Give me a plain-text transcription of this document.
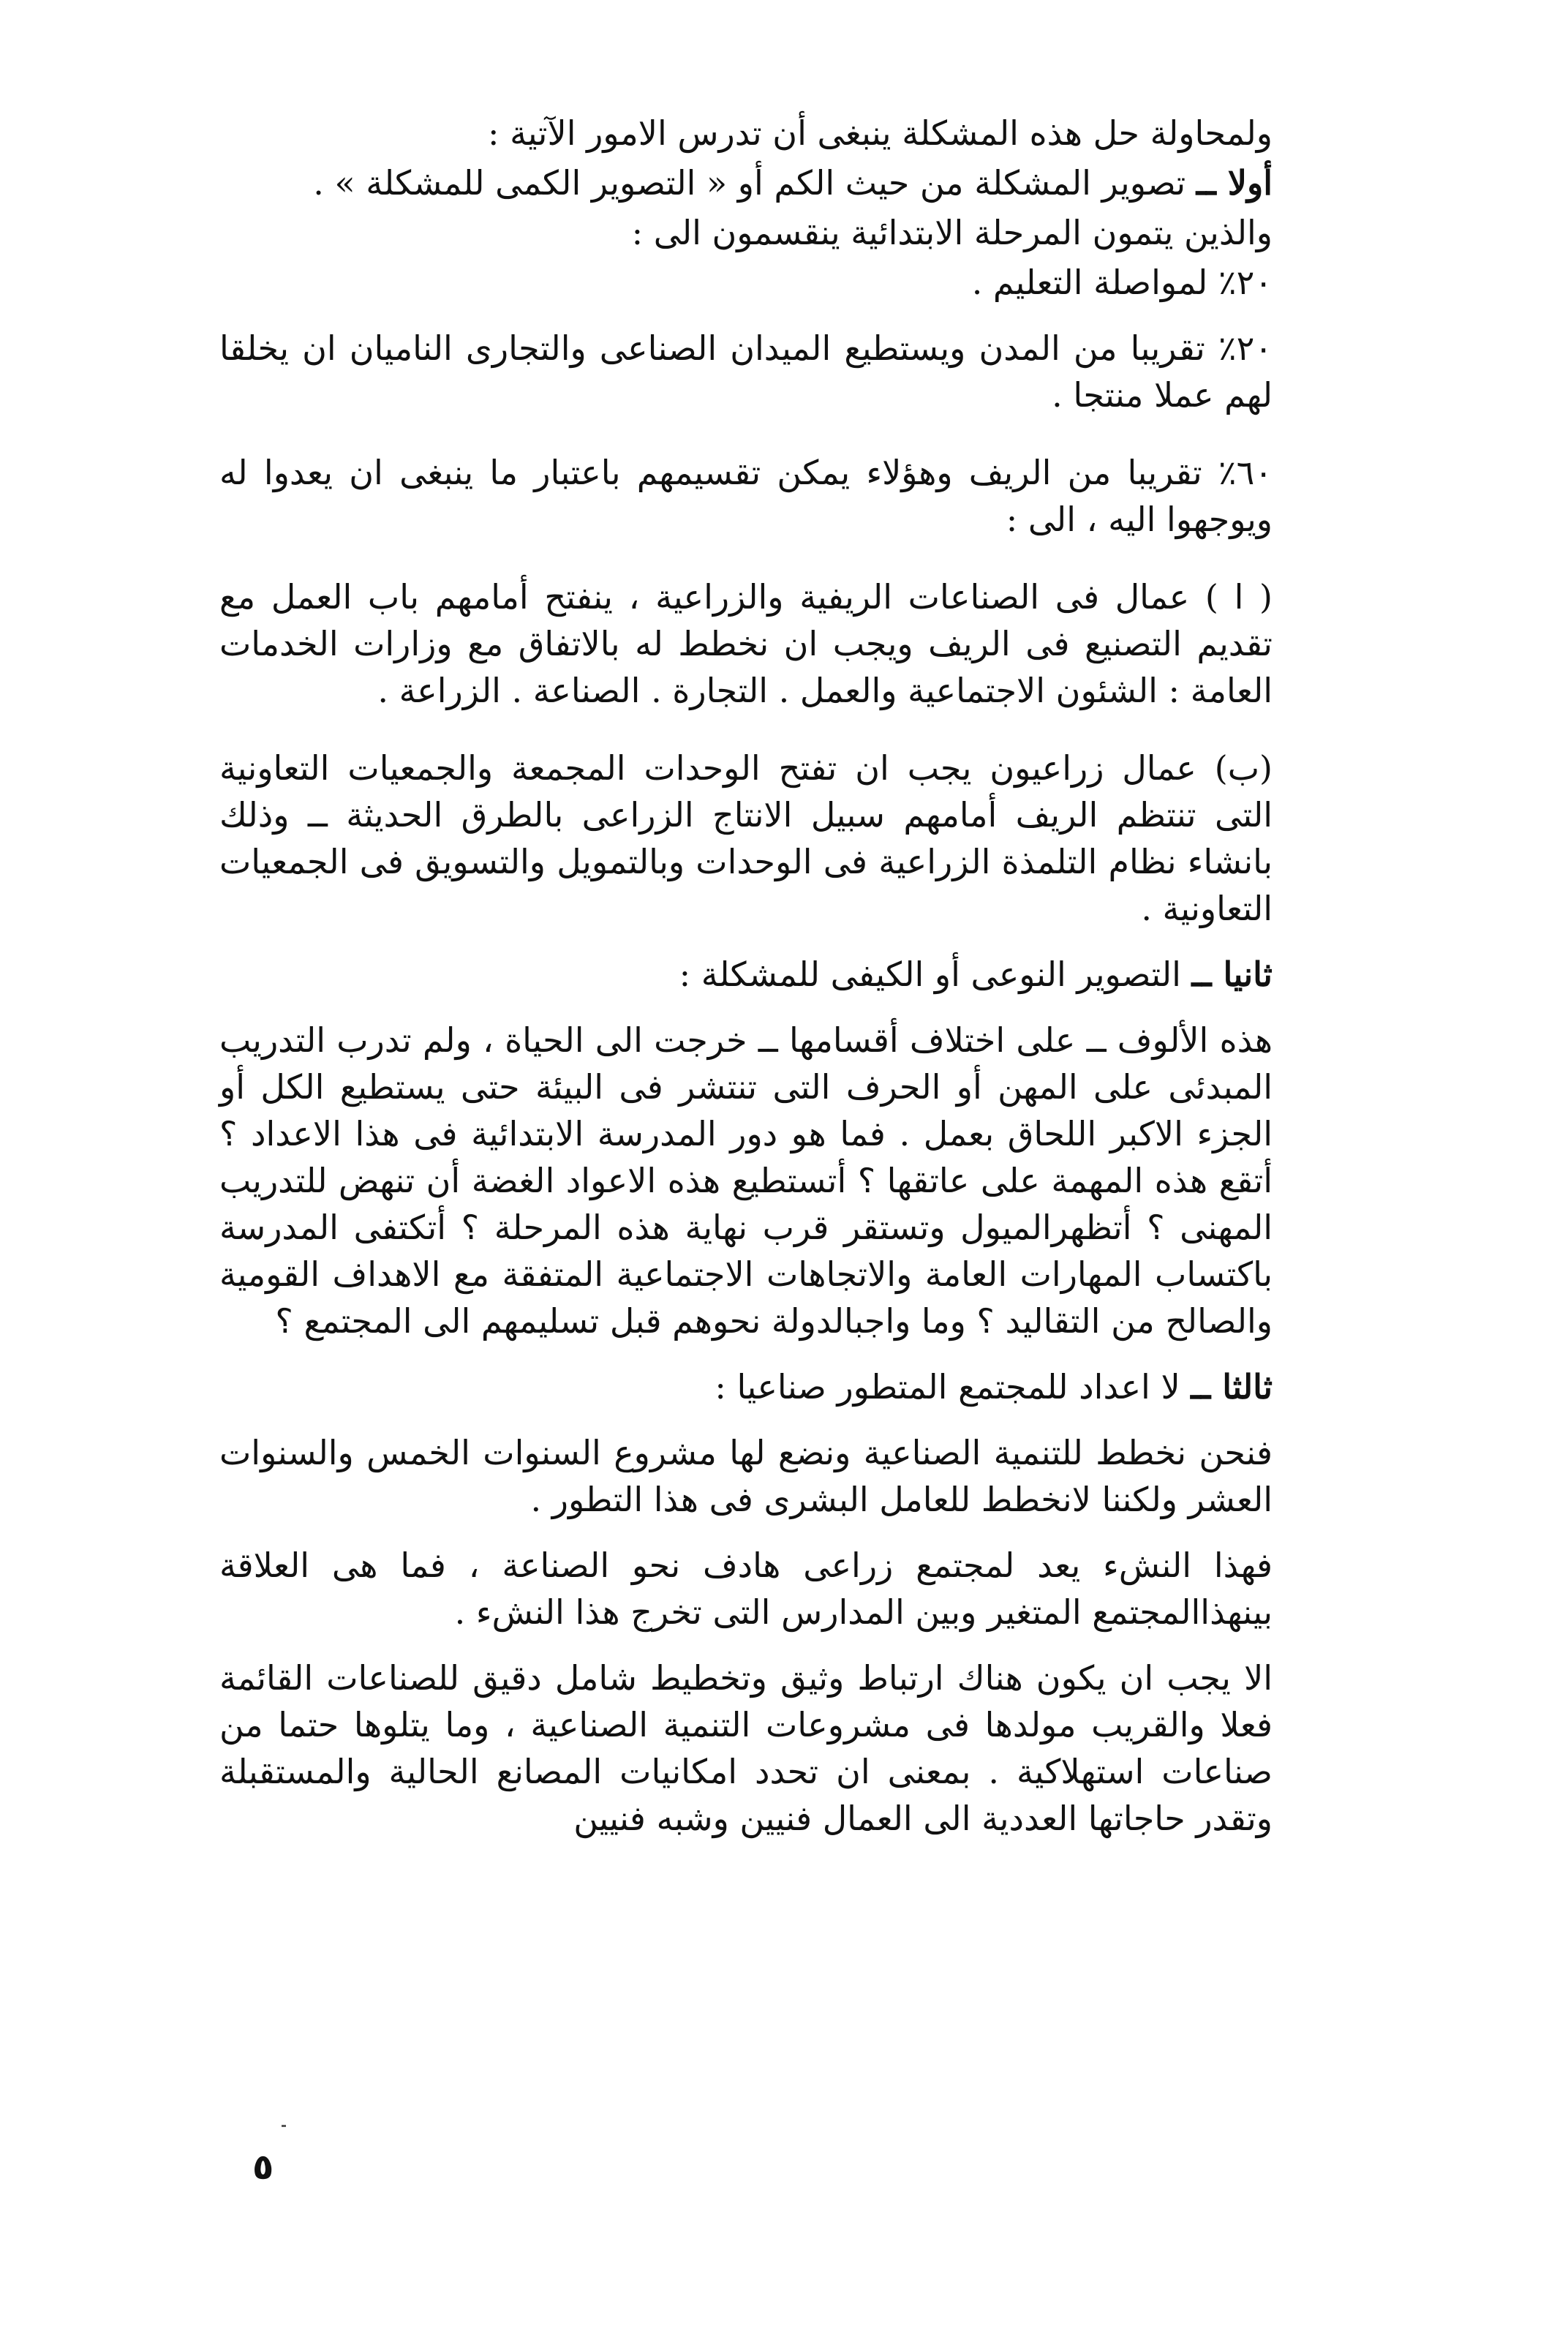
ولمحاولة حل هذه المشكلة ينبغى أن تدرس الامور الآتية :

أولا ــ تصوير المشكلة من حيث الكم أو « التصوير الكمى للمشكلة » .

والذين يتمون المرحلة الابتدائية ينقسمون الى :

٢٠٪ لمواصلة التعليم .

٢٠٪ تقريبا من المدن ويستطيع الميدان الصناعى والتجارى الناميان ان يخلقا لهم عملا منتجا .

٦٠٪ تقريبا من الريف وهؤلاء يمكن تقسيمهم باعتبار ما ينبغى ان يعدوا له ويوجهوا اليه ، الى :

( ا ) عمال فى الصناعات الريفية والزراعية ، ينفتح أمامهم باب العمل مع تقديم التصنيع فى الريف ويجب ان نخطط له بالاتفاق مع وزارات الخدمات العامة : الشئون الاجتماعية والعمل . التجارة . الصناعة . الزراعة .

(ب) عمال زراعيون يجب ان تفتح الوحدات المجمعة والجمعيات التعاونية التى تنتظم الريف أمامهم سبيل الانتاج الزراعى بالطرق الحديثة ــ وذلك بانشاء نظام التلمذة الزراعية فى الوحدات وبالتمويل والتسويق فى الجمعيات التعاونية .

ثانيا ــ التصوير النوعى أو الكيفى للمشكلة :

هذه الألوف ــ على اختلاف أقسامها ــ خرجت الى الحياة ، ولم تدرب التدريب المبدئى على المهن أو الحرف التى تنتشر فى البيئة حتى يستطيع الكل أو الجزء الاكبر اللحاق بعمل . فما هو دور المدرسة الابتدائية فى هذا الاعداد ؟ أتقع هذه المهمة على عاتقها ؟ أتستطيع هذه الاعواد الغضة أن تنهض للتدريب المهنى ؟ أتظهرالميول وتستقر قرب نهاية هذه المرحلة ؟ أتكتفى المدرسة باكتساب المهارات العامة والاتجاهات الاجتماعية المتفقة مع الاهداف القومية والصالح من التقاليد ؟ وما واجبالدولة نحوهم قبل تسليمهم الى المجتمع ؟

ثالثا ــ لا اعداد للمجتمع المتطور صناعيا :

فنحن نخطط للتنمية الصناعية ونضع لها مشروع السنوات الخمس والسنوات العشر ولكننا لانخطط للعامل البشرى فى هذا التطور .

فهذا النشء يعد لمجتمع زراعى هادف نحو الصناعة ، فما هى العلاقة بينهذاالمجتمع المتغير وبين المدارس التى تخرج هذا النشء .

الا يجب ان يكون هناك ارتباط وثيق وتخطيط شامل دقيق للصناعات القائمة فعلا والقريب مولدها فى مشروعات التنمية الصناعية ، وما يتلوها حتما من صناعات استهلاكية . بمعنى ان تحدد امكانيات المصانع الحالية والمستقبلة وتقدر حاجاتها العددية الى العمال فنيين وشبه فنيين

٥
